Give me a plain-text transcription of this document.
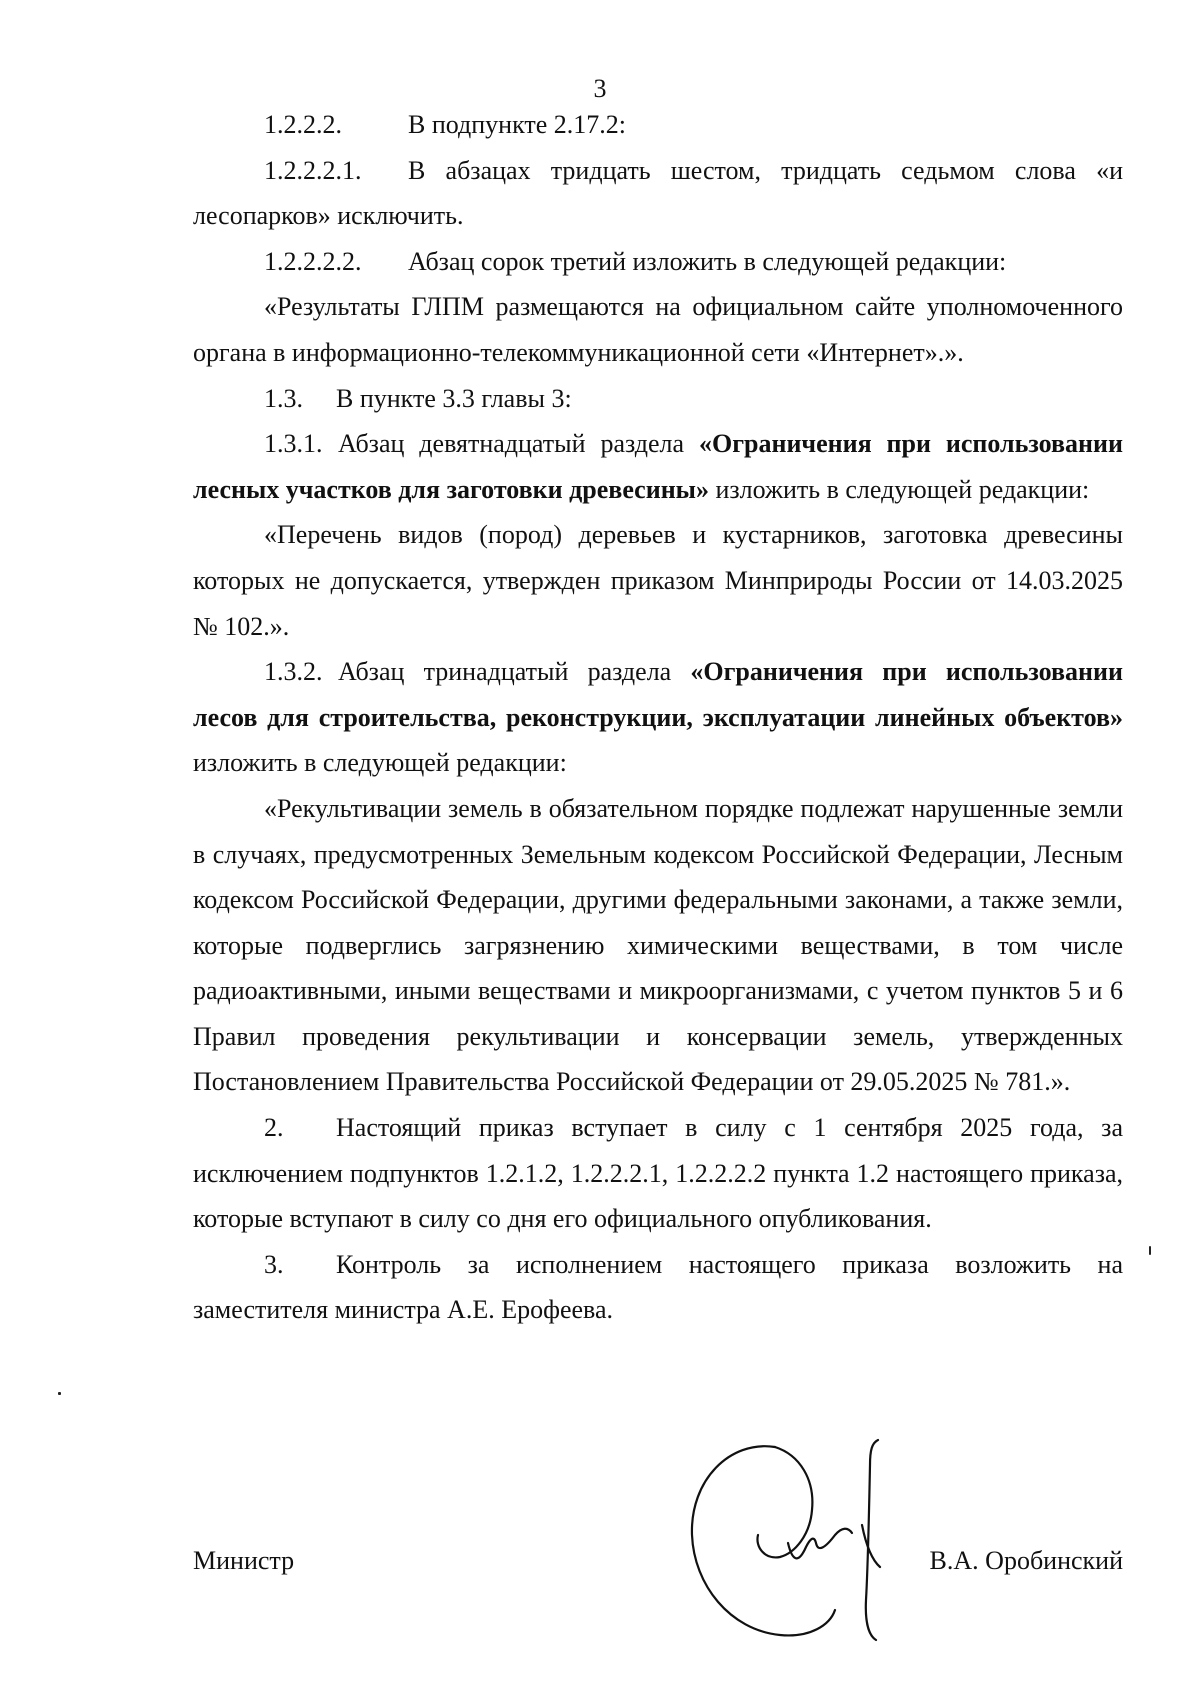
3

1.2.2.2.	В подпункте 2.17.2:

1.2.2.2.1. В абзацах тридцать шестом, тридцать седьмом слова «и лесопарков» исключить.

1.2.2.2.2. Абзац сорок третий изложить в следующей редакции:

«Результаты ГЛПМ размещаются на официальном сайте уполномоченного органа в информационно-телекоммуникационной сети «Интернет».».

1.3. В пункте 3.3 главы 3:

1.3.1. Абзац девятнадцатый раздела «Ограничения при использовании лесных участков для заготовки древесины» изложить в следующей редакции:

«Перечень видов (пород) деревьев и кустарников, заготовка древесины которых не допускается, утвержден приказом Минприроды России от 14.03.2025 № 102.».

1.3.2. Абзац тринадцатый раздела «Ограничения при использовании лесов для строительства, реконструкции, эксплуатации линейных объектов» изложить в следующей редакции:

«Рекультивации земель в обязательном порядке подлежат нарушенные земли в случаях, предусмотренных Земельным кодексом Российской Федерации, Лесным кодексом Российской Федерации, другими федеральными законами, а также земли, которые подверглись загрязнению химическими веществами, в том числе радиоактивными, иными веществами и микроорганизмами, с учетом пунктов 5 и 6 Правил проведения рекультивации и консервации земель, утвержденных Постановлением Правительства Российской Федерации от 29.05.2025 № 781.».

2. Настоящий приказ вступает в силу с 1 сентября 2025 года, за исключением подпунктов 1.2.1.2, 1.2.2.2.1, 1.2.2.2.2 пункта 1.2 настоящего приказа, которые вступают в силу со дня его официального опубликования.

3. Контроль за исполнением настоящего приказа возложить на заместителя министра А.Е. Ерофеева.

Министр	В.А. Оробинский
